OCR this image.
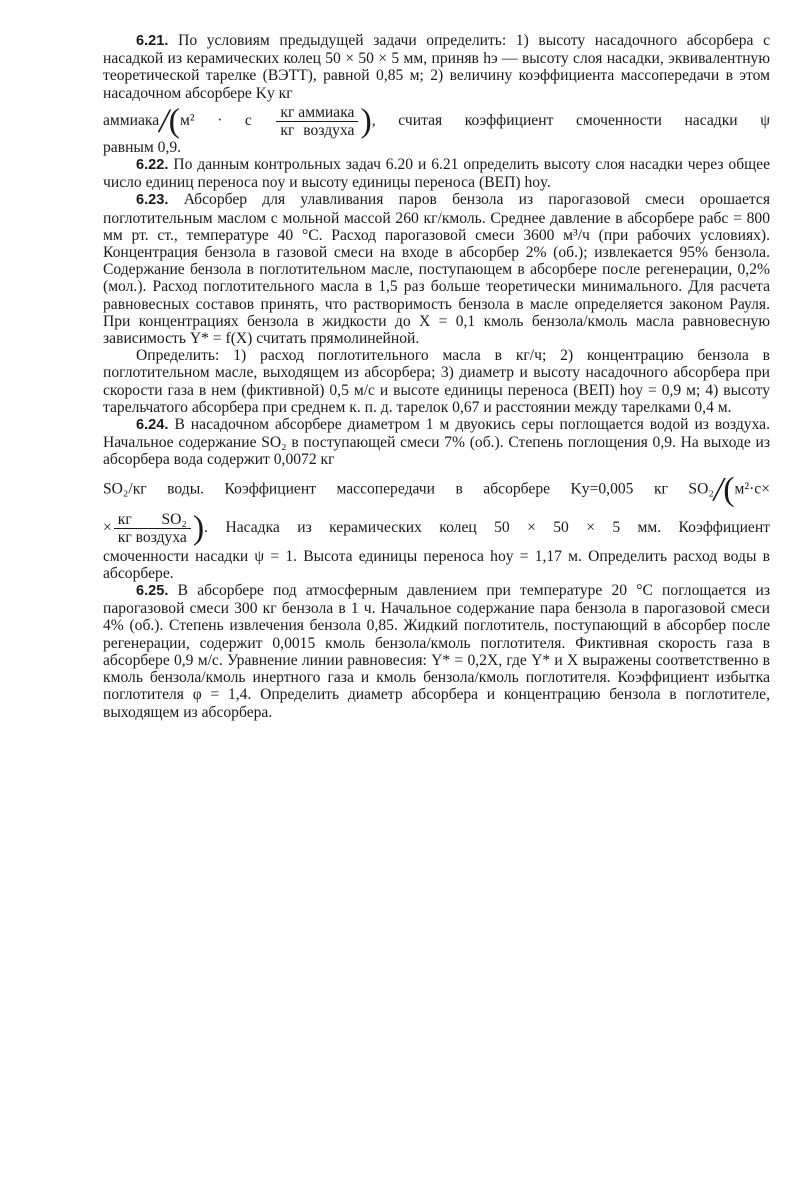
6.21. По условиям предыдущей задачи определить: 1) высоту насадочного абсорбера с насадкой из керамических колец 50 × 50 × 5 мм, приняв hэ — высоту слоя насадки, эквивалентную теоретической тарелке (ВЭТТ), равной 0,85 м; 2) величину коэффициента массопередачи в этом насадочном абсорбере Ky кг

аммиака/(м² · с $\frac{\text{кг аммиака}}{\text{кг воздуха}}$ ), считая коэффициент смоченности насадки ψ

равным 0,9.

6.22. По данным контрольных задач 6.20 и 6.21 определить высоту слоя насадки через общее число единиц переноса noy и высоту единицы переноса (ВЕП) hoy.

6.23. Абсорбер для улавливания паров бензола из парогазовой смеси орошается поглотительным маслом с мольной массой 260 кг/кмоль. Среднее давление в абсорбере pабс = 800 мм рт. ст., температуре 40 °С. Расход парогазовой смеси 3600 м³/ч (при рабочих условиях). Концентрация бензола в газовой смеси на входе в абсорбер 2% (об.); извлекается 95% бензола. Содержание бензола в поглотительном масле, поступающем в абсорбере после регенерации, 0,2% (мол.). Расход поглотительного масла в 1,5 раз больше теоретически минимального. Для расчета равновесных составов принять, что растворимость бензола в масле определяется законом Рауля. При концентрациях бензола в жидкости до X = 0,1 кмоль бензола/кмоль масла равновесную зависимость Y* = f(X) считать прямолинейной.

Определить: 1) расход поглотительного масла в кг/ч; 2) концентрацию бензола в поглотительном масле, выходящем из абсорбера; 3) диаметр и высоту насадочного абсорбера при скорости газа в нем (фиктивной) 0,5 м/с и высоте единицы переноса (ВЕП) hoy = 0,9 м; 4) высоту тарельчатого абсорбера при среднем к. п. д. тарелок 0,67 и расстоянии между тарелками 0,4 м.

6.24. В насадочном абсорбере диаметром 1 м двуокись серы поглощается водой из воздуха. Начальное содержание SO₂ в поступающей смеси 7% (об.). Степень поглощения 0,9. На выходе из абсорбера вода содержит 0,0072 кг

SO₂/кг воды. Коэффициент массопередачи в абсорбере Ky=0,005 кг SO₂/(м²·с×

× $\frac{\text{кг SO₂}}{\text{кг воздуха}}$ ). Насадка из керамических колец 50 × 50 × 5 мм. Коэффициент

смоченности насадки ψ = 1. Высота единицы переноса hoy = 1,17 м. Определить расход воды в абсорбере.

6.25. В абсорбере под атмосферным давлением при температуре 20 °С поглощается из парогазовой смеси 300 кг бензола в 1 ч. Начальное содержание пара бензола в парогазовой смеси 4% (об.). Степень извлечения бензола 0,85. Жидкий поглотитель, поступающий в абсорбер после регенерации, содержит 0,0015 кмоль бензола/кмоль поглотителя. Фиктивная скорость газа в абсорбере 0,9 м/с. Уравнение линии равновесия: Y* = 0,2X, где Y* и X выражены соответственно в кмоль бензола/кмоль инертного газа и кмоль бензола/кмоль поглотителя. Коэффициент избытка поглотителя φ = 1,4. Определить диаметр абсорбера и концентрацию бензола в поглотителе, выходящем из абсорбера.
